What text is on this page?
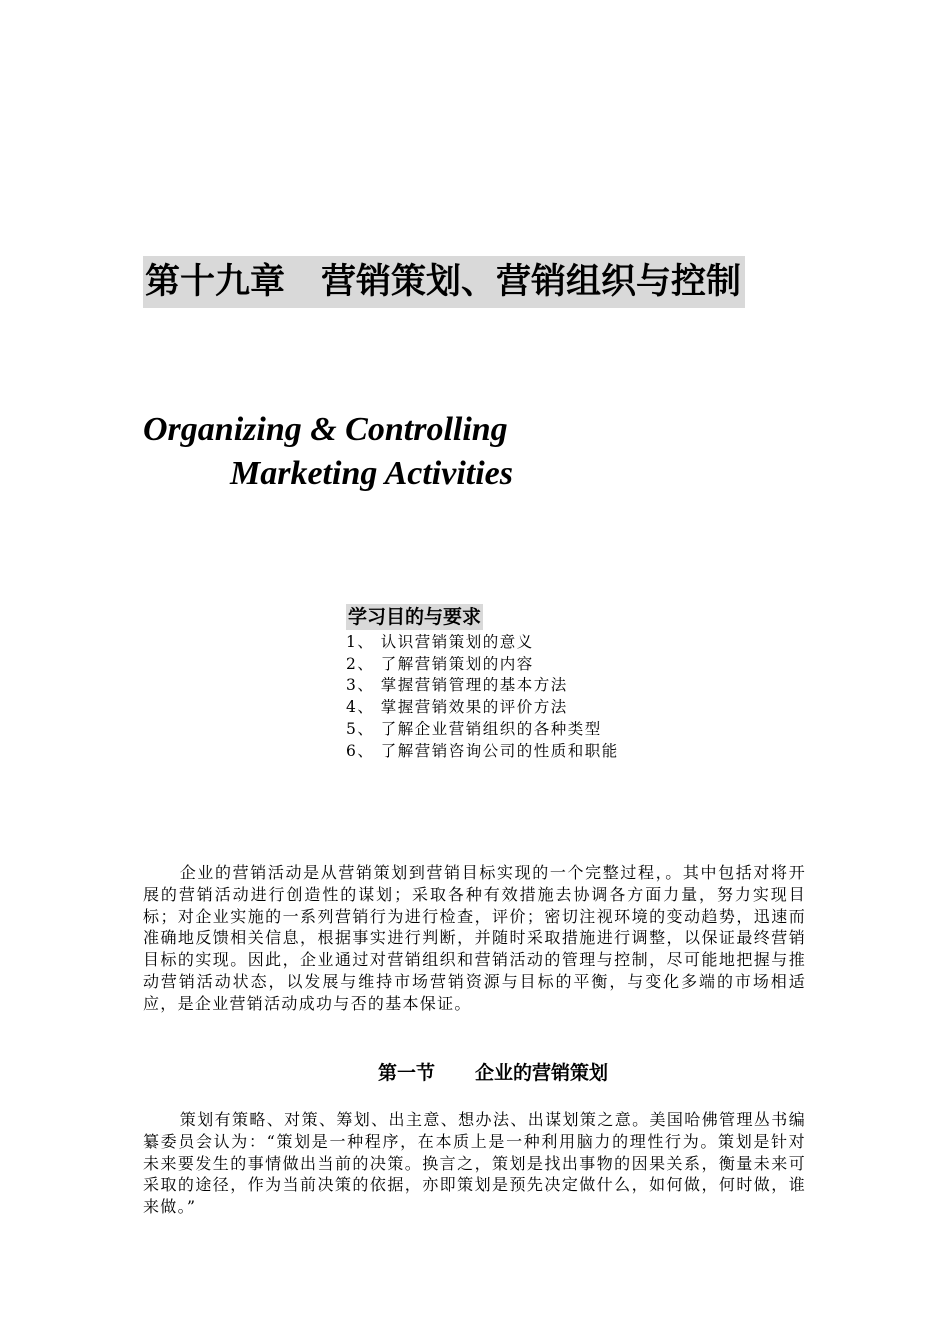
第十九章 营销策划、营销组织与控制
Organizing & Controlling
Marketing Activities
学习目的与要求
1、 认识营销策划的意义
2、 了解营销策划的内容
3、 掌握营销管理的基本方法
4、 掌握营销效果的评价方法
5、 了解企业营销组织的各种类型
6、 了解营销咨询公司的性质和职能

企业的营销活动是从营销策划到营销目标实现的一个完整过程，。其中包括对将开展的营销活动进行创造性的谋划；采取各种有效措施去协调各方面力量，努力实现目标；对企业实施的一系列营销行为进行检查，评价；密切注视环境的变动趋势，迅速而准确地反馈相关信息，根据事实进行判断，并随时采取措施进行调整，以保证最终营销目标的实现。因此，企业通过对营销组织和营销活动的管理与控制，尽可能地把握与推动营销活动状态，以发展与维持市场营销资源与目标的平衡，与变化多端的市场相适应，是企业营销活动成功与否的基本保证。

第一节 企业的营销策划

策划有策略、对策、筹划、出主意、想办法、出谋划策之意。美国哈佛管理丛书编纂委员会认为：“策划是一种程序，在本质上是一种利用脑力的理性行为。策划是针对未来要发生的事情做出当前的决策。换言之，策划是找出事物的因果关系，衡量未来可采取的途径，作为当前决策的依据，亦即策划是预先决定做什么，如何做，何时做，谁来做。”
